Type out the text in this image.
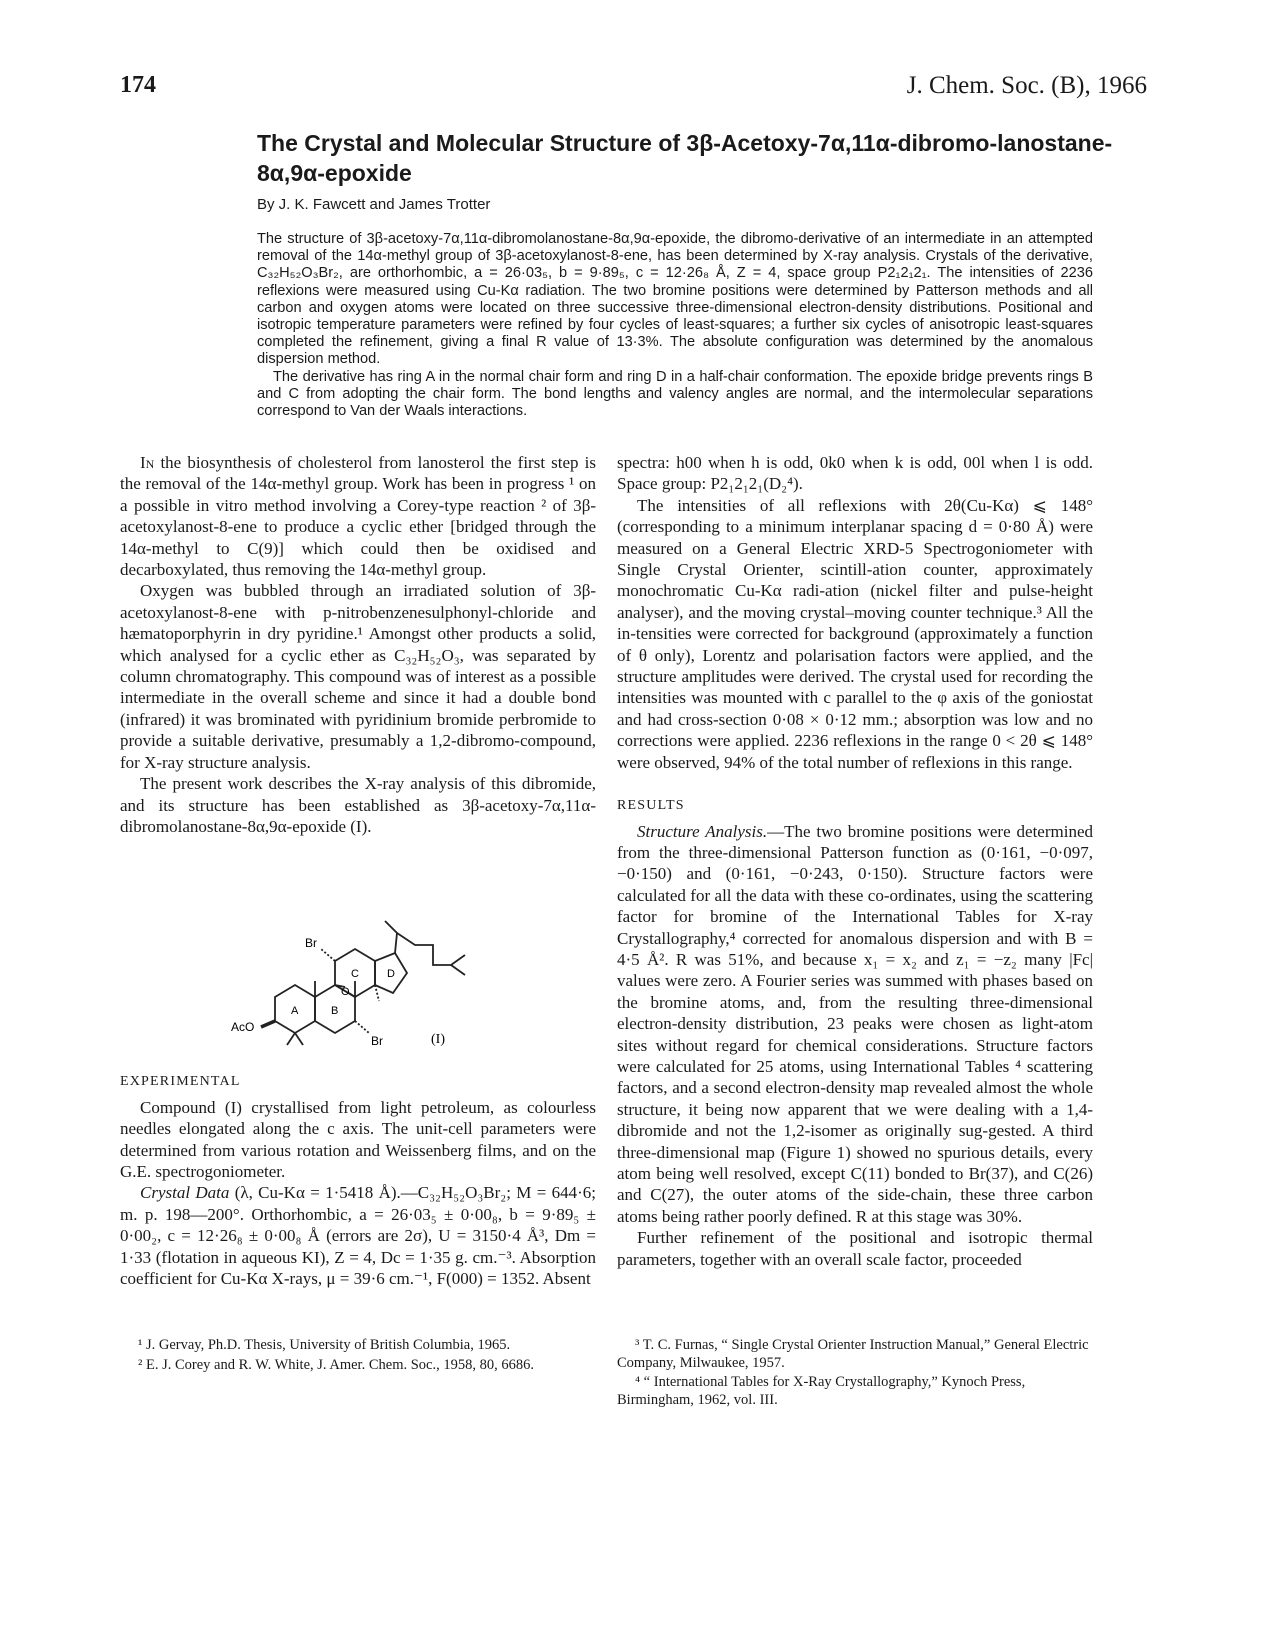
174	J. Chem. Soc. (B), 1966
The Crystal and Molecular Structure of 3β-Acetoxy-7α,11α-dibromo-lanostane-8α,9α-epoxide
By J. K. Fawcett and James Trotter

The structure of 3β-acetoxy-7α,11α-dibromolanostane-8α,9α-epoxide, the dibromo-derivative of an intermediate in an attempted removal of the 14α-methyl group of 3β-acetoxylanost-8-ene, has been determined by X-ray analysis. Crystals of the derivative, C₃₂H₅₂O₃Br₂, are orthorhombic, a = 26·03₅, b = 9·89₅, c = 12·26₈ Å, Z = 4, space group P2₁2₁2₁. The intensities of 2236 reflexions were measured using Cu-Kα radiation. The two bromine positions were determined by Patterson methods and all carbon and oxygen atoms were located on three successive three-dimensional electron-density distributions. Positional and isotropic temperature parameters were refined by four cycles of least-squares; a further six cycles of anisotropic least-squares completed the refinement, giving a final R value of 13·3%. The absolute configuration was determined by the anomalous dispersion method.

The derivative has ring A in the normal chair form and ring D in a half-chair conformation. The epoxide bridge prevents rings B and C from adopting the chair form. The bond lengths and valency angles are normal, and the intermolecular separations correspond to Van der Waals interactions.

In the biosynthesis of cholesterol from lanosterol the first step is the removal of the 14α-methyl group. Work has been in progress ¹ on a possible in vitro method involving a Corey-type reaction ² of 3β-acetoxylanost-8-ene to produce a cyclic ether [bridged through the 14α-methyl to C(9)] which could then be oxidised and decarboxylated, thus removing the 14α-methyl group.

Oxygen was bubbled through an irradiated solution of 3β-acetoxylanost-8-ene with p-nitrobenzenesulphonyl-chloride and hæmatoporphyrin in dry pyridine.¹ Amongst other products a solid, which analysed for a cyclic ether as C₃₂H₅₂O₃, was separated by column chromatography. This compound was of interest as a possible intermediate in the overall scheme and since it had a double bond (infrared) it was brominated with pyridinium bromide perbromide to provide a suitable derivative, presumably a 1,2-dibromo-compound, for X-ray structure analysis.

The present work describes the X-ray analysis of this dibromide, and its structure has been established as 3β-acetoxy-7α,11α-dibromolanostane-8α,9α-epoxide (I).

EXPERIMENTAL

Compound (I) crystallised from light petroleum, as colourless needles elongated along the c axis. The unit-cell parameters were determined from various rotation and Weissenberg films, and on the G.E. spectrogoniometer.

Crystal Data (λ, Cu-Kα = 1·5418 Å).—C₃₂H₅₂O₃Br₂; M = 644·6; m. p. 198—200°. Orthorhombic, a = 26·03₅ ± 0·00₈, b = 9·89₅ ± 0·00₂, c = 12·26₈ ± 0·00₈ Å (errors are 2σ), U = 3150·4 Å³, Dm = 1·33 (flotation in aqueous KI), Z = 4, Dc = 1·35 g. cm.⁻³. Absorption coefficient for Cu-Kα X-rays, μ = 39·6 cm.⁻¹, F(000) = 1352. Absent

Br
Br
AcO
O
A	B
C	D
(I)

spectra: h00 when h is odd, 0k0 when k is odd, 00l when l is odd. Space group: P2₁2₁2₁(D₂⁴).

The intensities of all reflexions with 2θ(Cu-Kα) ⩽ 148° (corresponding to a minimum interplanar spacing d = 0·80 Å) were measured on a General Electric XRD-5 Spectrogoniometer with Single Crystal Orienter, scintill-ation counter, approximately monochromatic Cu-Kα radi-ation (nickel filter and pulse-height analyser), and the moving crystal–moving counter technique.³ All the in-tensities were corrected for background (approximately a function of θ only), Lorentz and polarisation factors were applied, and the structure amplitudes were derived. The crystal used for recording the intensities was mounted with c parallel to the φ axis of the goniostat and had cross-section 0·08 × 0·12 mm.; absorption was low and no corrections were applied. 2236 reflexions in the range 0 < 2θ ⩽ 148° were observed, 94% of the total number of reflexions in this range.

RESULTS

Structure Analysis.—The two bromine positions were determined from the three-dimensional Patterson function as (0·161, −0·097, −0·150) and (0·161, −0·243, 0·150). Structure factors were calculated for all the data with these co-ordinates, using the scattering factor for bromine of the International Tables for X-ray Crystallography,⁴ corrected for anomalous dispersion and with B = 4·5 Å². R was 51%, and because x₁ = x₂ and z₁ = −z₂ many |Fc| values were zero. A Fourier series was summed with phases based on the bromine atoms, and, from the resulting three-dimensional electron-density distribution, 23 peaks were chosen as light-atom sites without regard for chemical considerations. Structure factors were calculated for 25 atoms, using International Tables ⁴ scattering factors, and a second electron-density map revealed almost the whole structure, it being now apparent that we were dealing with a 1,4-dibromide and not the 1,2-isomer as originally sug-gested. A third three-dimensional map (Figure 1) showed no spurious details, every atom being well resolved, except C(11) bonded to Br(37), and C(26) and C(27), the outer atoms of the side-chain, these three carbon atoms being rather poorly defined. R at this stage was 30%.

Further refinement of the positional and isotropic thermal parameters, together with an overall scale factor, proceeded

¹ J. Gervay, Ph.D. Thesis, University of British Columbia, 1965.

² E. J. Corey and R. W. White, J. Amer. Chem. Soc., 1958, 80, 6686.

³ T. C. Furnas, “ Single Crystal Orienter Instruction Manual,” General Electric Company, Milwaukee, 1957.

⁴ “ International Tables for X-Ray Crystallography,” Kynoch Press, Birmingham, 1962, vol. III.
